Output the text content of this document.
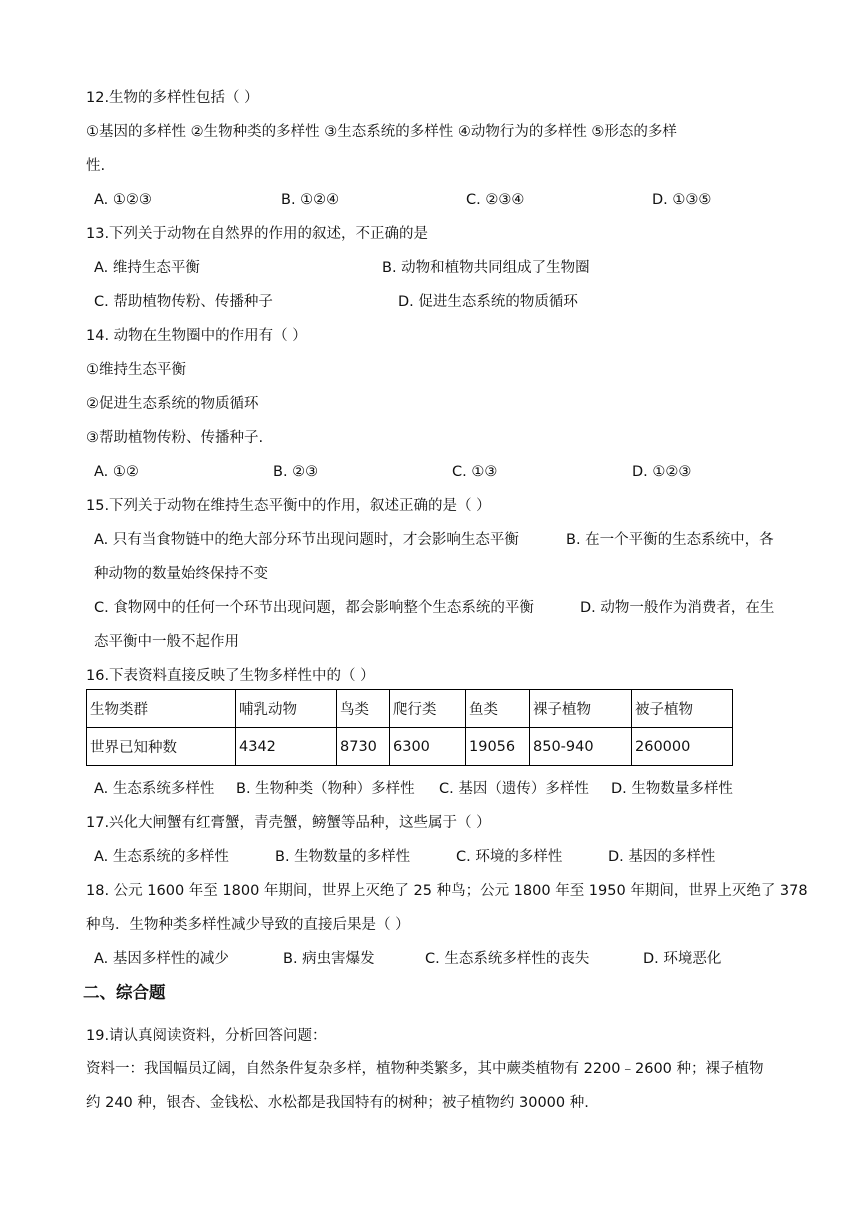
12.生物的多样性包括（ ）
①基因的多样性 ②生物种类的多样性 ③生态系统的多样性 ④动物行为的多样性 ⑤形态的多样
性.
A. ①②③	B. ①②④	C. ②③④	D. ①③⑤
13.下列关于动物在自然界的作用的叙述，不正确的是
A. 维持生态平衡	B. 动物和植物共同组成了生物圈
C. 帮助植物传粉、传播种子	D. 促进生态系统的物质循环
14. 动物在生物圈中的作用有（ ）
①维持生态平衡
②促进生态系统的物质循环
③帮助植物传粉、传播种子.
A. ①②	B. ②③	C. ①③	D. ①②③
15.下列关于动物在维持生态平衡中的作用，叙述正确的是（ ）
A. 只有当食物链中的绝大部分环节出现问题时，才会影响生态平衡	B. 在一个平衡的生态系统中，各
种动物的数量始终保持不变
C. 食物网中的任何一个环节出现问题，都会影响整个生态系统的平衡	D. 动物一般作为消费者，在生
态平衡中一般不起作用
16.下表资料直接反映了生物多样性中的（ ）
生物类群	哺乳动物	鸟类	爬行类	鱼类	裸子植物	被子植物
世界已知种数	4342	8730	6300	19056	850-940	260000
A. 生态系统多样性 B. 生物种类（物种）多样性 C. 基因（遗传）多样性 D. 生物数量多样性
17.兴化大闸蟹有红膏蟹，青壳蟹，鳑蟹等品种，这些属于（ ）
A. 生态系统的多样性	B. 生物数量的多样性	C. 环境的多样性	D. 基因的多样性
18. 公元 1600 年至 1800 年期间，世界上灭绝了 25 种鸟；公元 1800 年至 1950 年期间，世界上灭绝了 378
种鸟．生物种类多样性减少导致的直接后果是（ ）
A. 基因多样性的减少	B. 病虫害爆发	C. 生态系统多样性的丧失	D. 环境恶化
二、综合题
19.请认真阅读资料，分析回答问题：
资料一：我国幅员辽阔，自然条件复杂多样，植物种类繁多，其中蕨类植物有 2200﹣2600 种；裸子植物
约 240 种，银杏、金钱松、水松都是我国特有的树种；被子植物约 30000 种.
